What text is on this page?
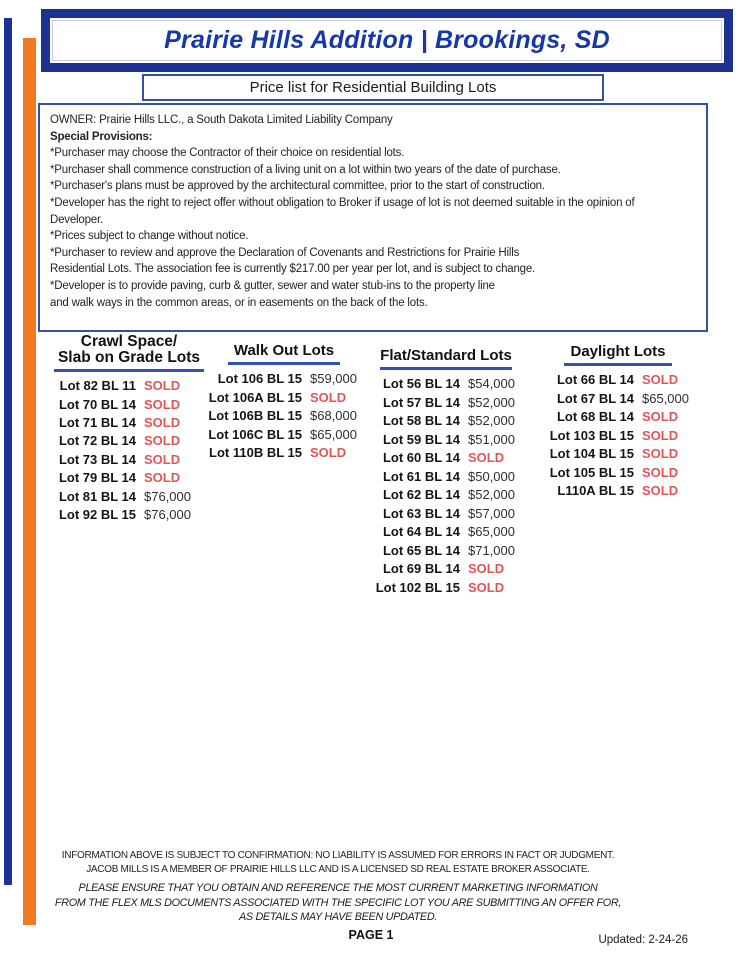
Prairie Hills Addition | Brookings, SD
Price list for Residential Building Lots
OWNER: Prairie Hills LLC., a South Dakota Limited Liability Company
Special Provisions:
*Purchaser may choose the Contractor of their choice on residential lots.
*Purchaser shall commence construction of a living unit on a lot within two years of the date of purchase.
*Purchaser's plans must be approved by the architectural committee, prior to the start of construction.
*Developer has the right to reject offer without obligation to Broker if usage of lot is not deemed suitable in the opinion of
Developer.
*Prices subject to change without notice.
*Purchaser to review and approve the Declaration of Covenants and Restrictions for Prairie Hills
Residential Lots. The association fee is currently $217.00 per year per lot, and is subject to change.
*Developer is to provide paving, curb & gutter, sewer and water stub-ins to the property line
and walk ways in the common areas, or in easements on the back of the lots.
Crawl Space/
Slab on Grade Lots
Lot 82 BL 11 SOLD
Lot 70 BL 14 SOLD
Lot 71 BL 14 SOLD
Lot 72 BL 14 SOLD
Lot 73 BL 14 SOLD
Lot 79 BL 14 SOLD
Lot 81 BL 14 $76,000
Lot 92 BL 15 $76,000
Walk Out Lots
Lot 106 BL 15 $59,000
Lot 106A BL 15 SOLD
Lot 106B BL 15 $68,000
Lot 106C BL 15 $65,000
Lot 110B BL 15 SOLD
Flat/Standard Lots
Lot 56 BL 14 $54,000
Lot 57 BL 14 $52,000
Lot 58 BL 14 $52,000
Lot 59 BL 14 $51,000
Lot 60 BL 14 SOLD
Lot 61 BL 14 $50,000
Lot 62 BL 14 $52,000
Lot 63 BL 14 $57,000
Lot 64 BL 14 $65,000
Lot 65 BL 14 $71,000
Lot 69 BL 14 SOLD
Lot 102 BL 15 SOLD
Daylight Lots
Lot 66 BL 14 SOLD
Lot 67 BL 14 $65,000
Lot 68 BL 14 SOLD
Lot 103 BL 15 SOLD
Lot 104 BL 15 SOLD
Lot 105 BL 15 SOLD
L110A BL 15 SOLD
INFORMATION ABOVE IS SUBJECT TO CONFIRMATION: NO LIABILITY IS ASSUMED FOR ERRORS IN FACT OR JUDGMENT.
JACOB MILLS IS A MEMBER OF PRAIRIE HILLS LLC AND IS A LICENSED SD REAL ESTATE BROKER ASSOCIATE.
PLEASE ENSURE THAT YOU OBTAIN AND REFERENCE THE MOST CURRENT MARKETING INFORMATION
FROM THE FLEX MLS DOCUMENTS ASSOCIATED WITH THE SPECIFIC LOT YOU ARE SUBMITTING AN OFFER FOR,
AS DETAILS MAY HAVE BEEN UPDATED.
PAGE 1	Updated: 2-24-26
